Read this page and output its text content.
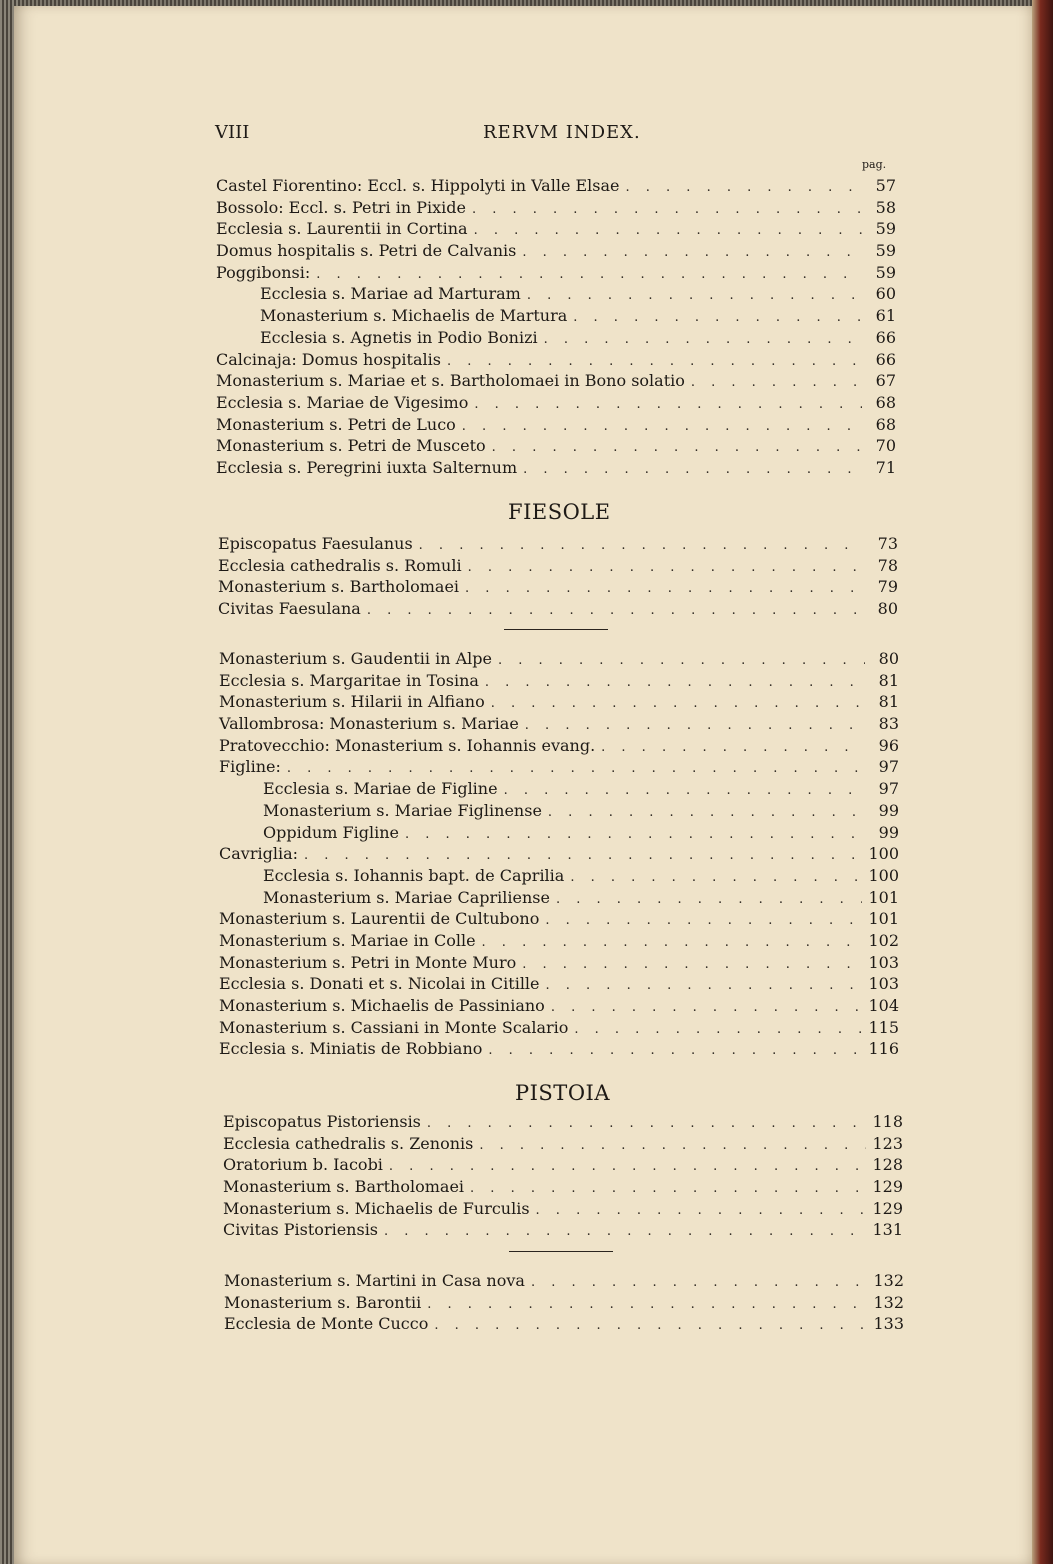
VIII	RERVM INDEX.
pag.
Castel Fiorentino: Eccl. s. Hippolyti in Valle Elsae . . .	57
Bossolo: Eccl. s. Petri in Pixide . . .	58
Ecclesia s. Laurentii in Cortina . . .	59
Domus hospitalis s. Petri de Calvanis . . .	59
Poggibonsi: . . .	59
Ecclesia s. Mariae ad Marturam . . .	60
Monasterium s. Michaelis de Martura . . .	61
Ecclesia s. Agnetis in Podio Bonizi . . .	66
Calcinaja: Domus hospitalis . . .	66
Monasterium s. Mariae et s. Bartholomaei in Bono solatio . . .	67
Ecclesia s. Mariae de Vigesimo . . .	68
Monasterium s. Petri de Luco . . .	68
Monasterium s. Petri de Musceto . . .	70
Ecclesia s. Peregrini iuxta Salternum . . .	71
FIESOLE
Episcopatus Faesulanus . . .	73
Ecclesia cathedralis s. Romuli . . .	78
Monasterium s. Bartholomaei . . .	79
Civitas Faesulana . . .	80
Monasterium s. Gaudentii in Alpe . . .	80
Ecclesia s. Margaritae in Tosina . . .	81
Monasterium s. Hilarii in Alfiano . . .	81
Vallombrosa: Monasterium s. Mariae . . .	83
Pratovecchio: Monasterium s. Iohannis evang. . . .	96
Figline: . . .	97
Ecclesia s. Mariae de Figline . . .	97
Monasterium s. Mariae Figlinense . . .	99
Oppidum Figline . . .	99
Cavriglia: . . .	100
Ecclesia s. Iohannis bapt. de Caprilia . . .	100
Monasterium s. Mariae Capriliense . . .	101
Monasterium s. Laurentii de Cultubono . . .	101
Monasterium s. Mariae in Colle . . .	102
Monasterium s. Petri in Monte Muro . . .	103
Ecclesia s. Donati et s. Nicolai in Citille . . .	103
Monasterium s. Michaelis de Passiniano . . .	104
Monasterium s. Cassiani in Monte Scalario . . .	115
Ecclesia s. Miniatis de Robbiano . . .	116
PISTOIA
Episcopatus Pistoriensis . . .	118
Ecclesia cathedralis s. Zenonis . . .	123
Oratorium b. Iacobi . . .	128
Monasterium s. Bartholomaei . . .	129
Monasterium s. Michaelis de Furculis . . .	129
Civitas Pistoriensis . . .	131
Monasterium s. Martini in Casa nova . . .	132
Monasterium s. Barontii . . .	132
Ecclesia de Monte Cucco . . .	133
